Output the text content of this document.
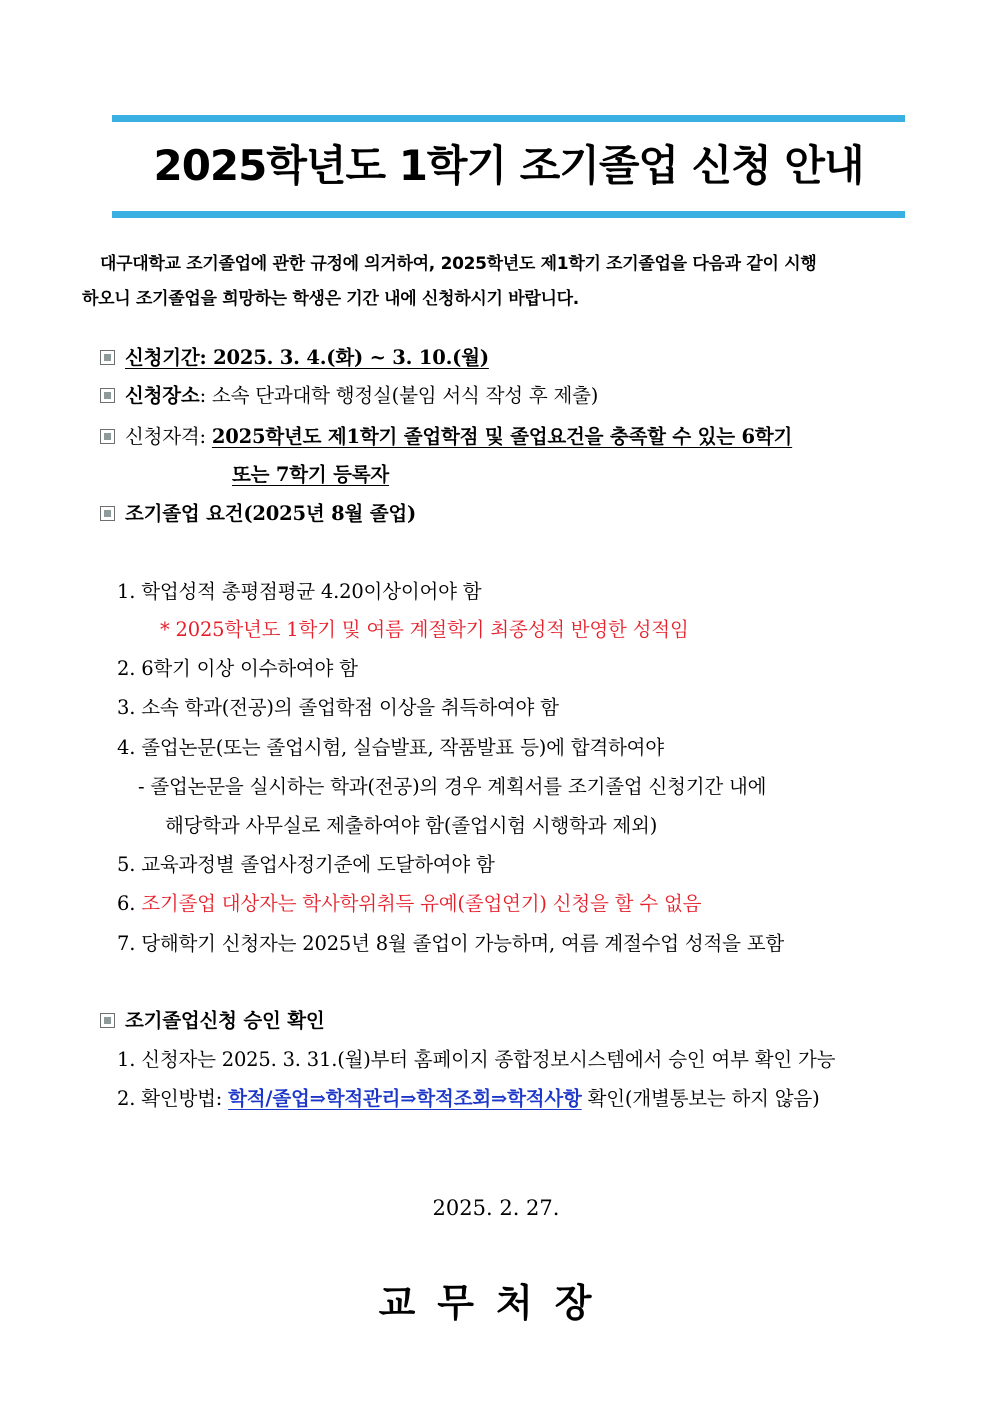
2025학년도 1학기 조기졸업 신청 안내
대구대학교 조기졸업에 관한 규정에 의거하여, 2025학년도 제1학기 조기졸업을 다음과 같이 시행
하오니 조기졸업을 희망하는 학생은 기간 내에 신청하시기 바랍니다.
신청기간: 2025. 3. 4.(화) ~ 3. 10.(월)
신청장소: 소속 단과대학 행정실(붙임 서식 작성 후 제출)
신청자격: 2025학년도 제1학기 졸업학점 및 졸업요건을 충족할 수 있는 6학기
또는 7학기 등록자
조기졸업 요건(2025년 8월 졸업)
1. 학업성적 총평점평균 4.20이상이어야 함
* 2025학년도 1학기 및 여름 계절학기 최종성적 반영한 성적임
2. 6학기 이상 이수하여야 함
3. 소속 학과(전공)의 졸업학점 이상을 취득하여야 함
4. 졸업논문(또는 졸업시험, 실습발표, 작품발표 등)에 합격하여야
- 졸업논문을 실시하는 학과(전공)의 경우 계획서를 조기졸업 신청기간 내에
해당학과 사무실로 제출하여야 함(졸업시험 시행학과 제외)
5. 교육과정별 졸업사정기준에 도달하여야 함
6. 조기졸업 대상자는 학사학위취득 유예(졸업연기) 신청을 할 수 없음
7. 당해학기 신청자는 2025년 8월 졸업이 가능하며, 여름 계절수업 성적을 포함
조기졸업신청 승인 확인
1. 신청자는 2025. 3. 31.(월)부터 홈페이지 종합정보시스템에서 승인 여부 확인 가능
2. 확인방법: 학적/졸업⇒학적관리⇒학적조회⇒학적사항 확인(개별통보는 하지 않음)
2025. 2. 27.
교무처장
